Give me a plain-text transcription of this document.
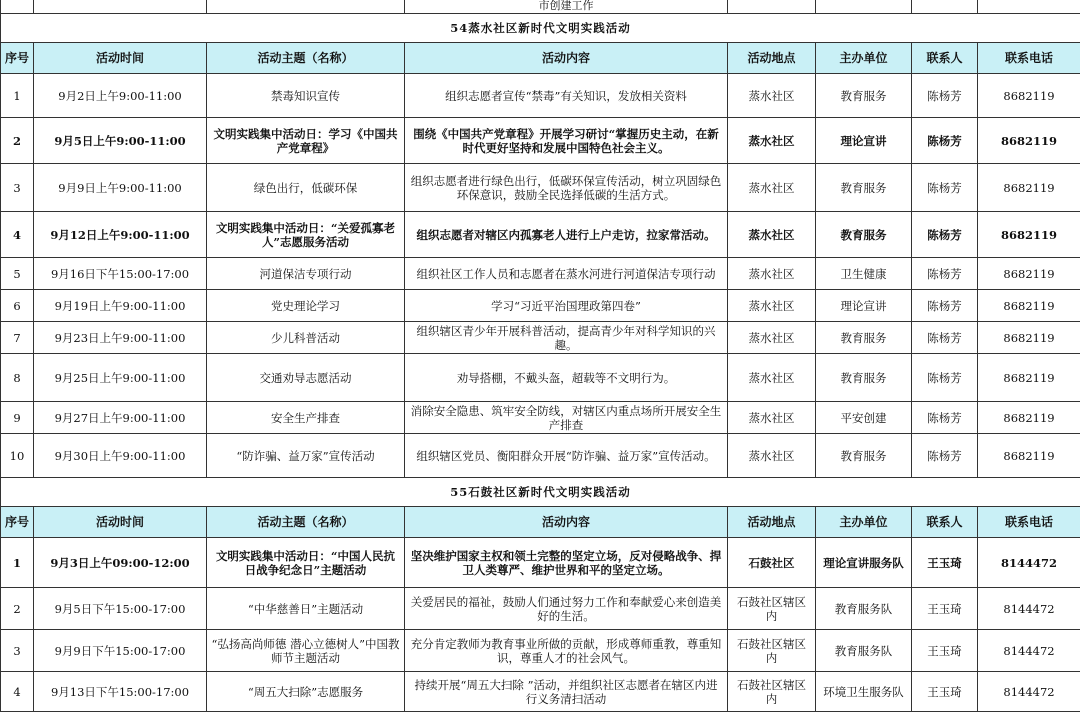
			市创建工作				
54蒸水社区新时代文明实践活动							
序号	活动时间	活动主题（名称）	活动内容	活动地点	主办单位	联系人	联系电话
1	9月2日上午9:00-11:00	禁毒知识宣传	组织志愿者宣传“禁毒”有关知识，发放相关资料	蒸水社区	教育服务	陈杨芳	8682119
2	9月5日上午9:00-11:00	文明实践集中活动日：学习《中国共产党章程》	围绕《中国共产党章程》开展学习研讨“掌握历史主动，在新时代更好坚持和发展中国特色社会主义。	蒸水社区	理论宣讲	陈杨芳	8682119
3	9月9日上午9:00-11:00	绿色出行，低碳环保	组织志愿者进行绿色出行，低碳环保宣传活动，树立巩固绿色环保意识，鼓励全民选择低碳的生活方式。	蒸水社区	教育服务	陈杨芳	8682119
4	9月12日上午9:00-11:00	文明实践集中活动日：“关爱孤寡老人”志愿服务活动	组织志愿者对辖区内孤寡老人进行上户走访，拉家常活动。	蒸水社区	教育服务	陈杨芳	8682119
5	9月16日下午15:00-17:00	河道保洁专项行动	组织社区工作人员和志愿者在蒸水河进行河道保洁专项行动	蒸水社区	卫生健康	陈杨芳	8682119
6	9月19日上午9:00-11:00	党史理论学习	学习“习近平治国理政第四卷”	蒸水社区	理论宣讲	陈杨芳	8682119
7	9月23日上午9:00-11:00	少儿科普活动	组织辖区青少年开展科普活动，提高青少年对科学知识的兴趣。	蒸水社区	教育服务	陈杨芳	8682119
8	9月25日上午9:00-11:00	交通劝导志愿活动	劝导搭棚，不戴头盔，超载等不文明行为。	蒸水社区	教育服务	陈杨芳	8682119
9	9月27日上午9:00-11:00	安全生产排查	消除安全隐患、筑牢安全防线，对辖区内重点场所开展安全生产排查	蒸水社区	平安创建	陈杨芳	8682119
10	9月30日上午9:00-11:00	“防诈骗、益万家”宣传活动	组织辖区党员、衡阳群众开展“防诈骗、益万家”宣传活动。	蒸水社区	教育服务	陈杨芳	8682119
55石鼓社区新时代文明实践活动							
序号	活动时间	活动主题（名称）	活动内容	活动地点	主办单位	联系人	联系电话
1	9月3日上午09:00-12:00	文明实践集中活动日：“中国人民抗日战争纪念日”主题活动	坚决维护国家主权和领土完整的坚定立场，反对侵略战争、捍卫人类尊严、维护世界和平的坚定立场。	石鼓社区	理论宣讲服务队	王玉琦	8144472
2	9月5日下午15:00-17:00	“中华慈善日”主题活动	关爱居民的福祉，鼓励人们通过努力工作和奉献爱心来创造美好的生活。	石鼓社区辖区内	教育服务队	王玉琦	8144472
3	9月9日下午15:00-17:00	“弘扬高尚师德 潜心立德树人”中国教师节主题活动	充分肯定教师为教育事业所做的贡献，形成尊师重教，尊重知识，尊重人才的社会风气。	石鼓社区辖区内	教育服务队	王玉琦	8144472
4	9月13日下午15:00-17:00	“周五大扫除”志愿服务	持续开展“周五大扫除 ”活动，并组织社区志愿者在辖区内进行义务清扫活动	石鼓社区辖区内	环境卫生服务队	王玉琦	8144472
